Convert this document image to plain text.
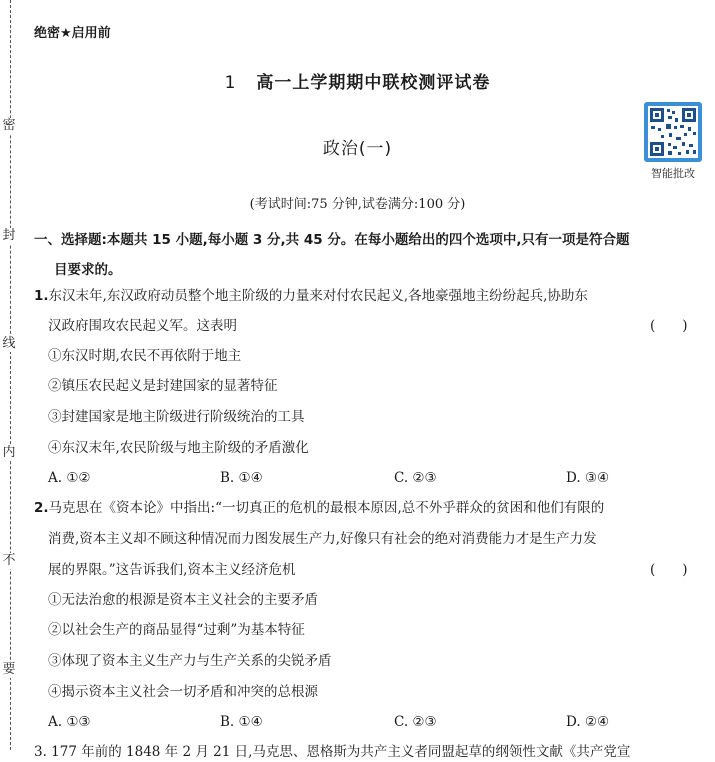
密
封
线
内
不
要
绝密★启用前
1 高一上学期期中联校测评试卷
政治(一)
智能批改
(考试时间:75 分钟,试卷满分:100 分)
一、选择题:本题共 15 小题,每小题 3 分,共 45 分。在每小题给出的四个选项中,只有一项是符合题
目要求的。
1.东汉末年,东汉政府动员整个地主阶级的力量来对付农民起义,各地豪强地主纷纷起兵,协助东
汉政府围攻农民起义军。这表明	(　　)
①东汉时期,农民不再依附于地主
②镇压农民起义是封建国家的显著特征
③封建国家是地主阶级进行阶级统治的工具
④东汉末年,农民阶级与地主阶级的矛盾激化
A. ①②	B. ①④	C. ②③	D. ③④
2.马克思在《资本论》中指出:“一切真正的危机的最根本原因,总不外乎群众的贫困和他们有限的
消费,资本主义却不顾这种情况而力图发展生产力,好像只有社会的绝对消费能力才是生产力发
展的界限。”这告诉我们,资本主义经济危机	(　　)
①无法治愈的根源是资本主义社会的主要矛盾
②以社会生产的商品显得“过剩”为基本特征
③体现了资本主义生产力与生产关系的尖锐矛盾
④揭示资本主义社会一切矛盾和冲突的总根源
A. ①③	B. ①④	C. ②③	D. ②④
3. 177 年前的 1848 年 2 月 21 日,马克思、恩格斯为共产主义者同盟起草的纲领性文献《共产党宣
